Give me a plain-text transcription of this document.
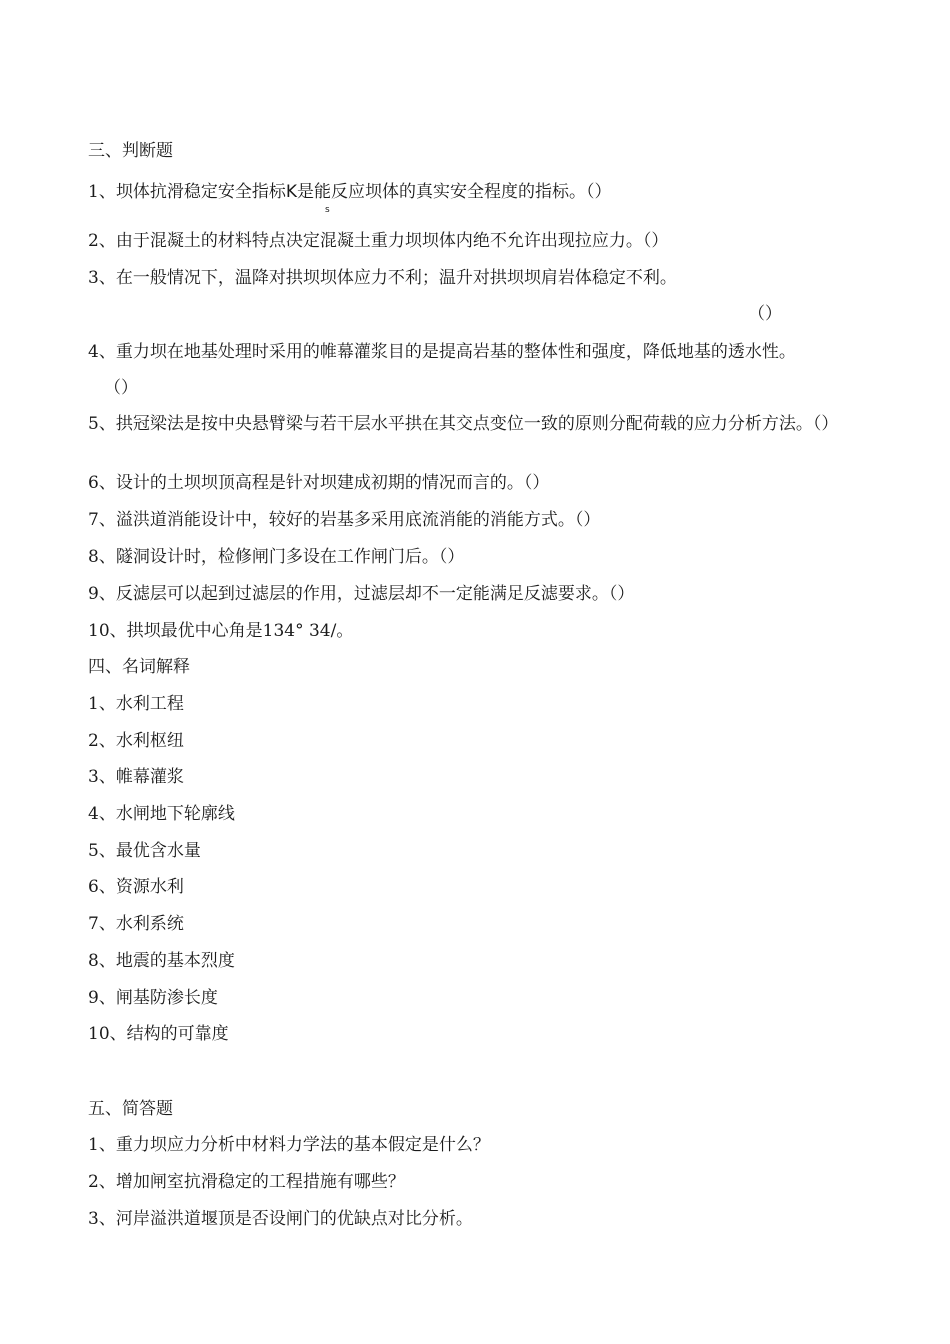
三、判断题
1、坝体抗滑稳定安全指标K是能反应坝体的真实安全程度的指标。（）
s
2、由于混凝土的材料特点决定混凝土重力坝坝体内绝不允许出现拉应力。（）
3、在一般情况下，温降对拱坝坝体应力不利；温升对拱坝坝肩岩体稳定不利。
（）
4、重力坝在地基处理时采用的帷幕灌浆目的是提高岩基的整体性和强度，降低地基的透水性。
（）
5、拱冠梁法是按中央悬臂梁与若干层水平拱在其交点变位一致的原则分配荷载的应力分析方法。（）
6、设计的土坝坝顶高程是针对坝建成初期的情况而言的。（）
7、溢洪道消能设计中，较好的岩基多采用底流消能的消能方式。（）
8、隧洞设计时，检修闸门多设在工作闸门后。（）
9、反滤层可以起到过滤层的作用，过滤层却不一定能满足反滤要求。（）
10、拱坝最优中心角是134° 34/。
四、名词解释
1、水利工程
2、水利枢纽
3、帷幕灌浆
4、水闸地下轮廓线
5、最优含水量
6、资源水利
7、水利系统
8、地震的基本烈度
9、闸基防渗长度
10、结构的可靠度
五、简答题
1、重力坝应力分析中材料力学法的基本假定是什么？
2、增加闸室抗滑稳定的工程措施有哪些？
3、河岸溢洪道堰顶是否设闸门的优缺点对比分析。
